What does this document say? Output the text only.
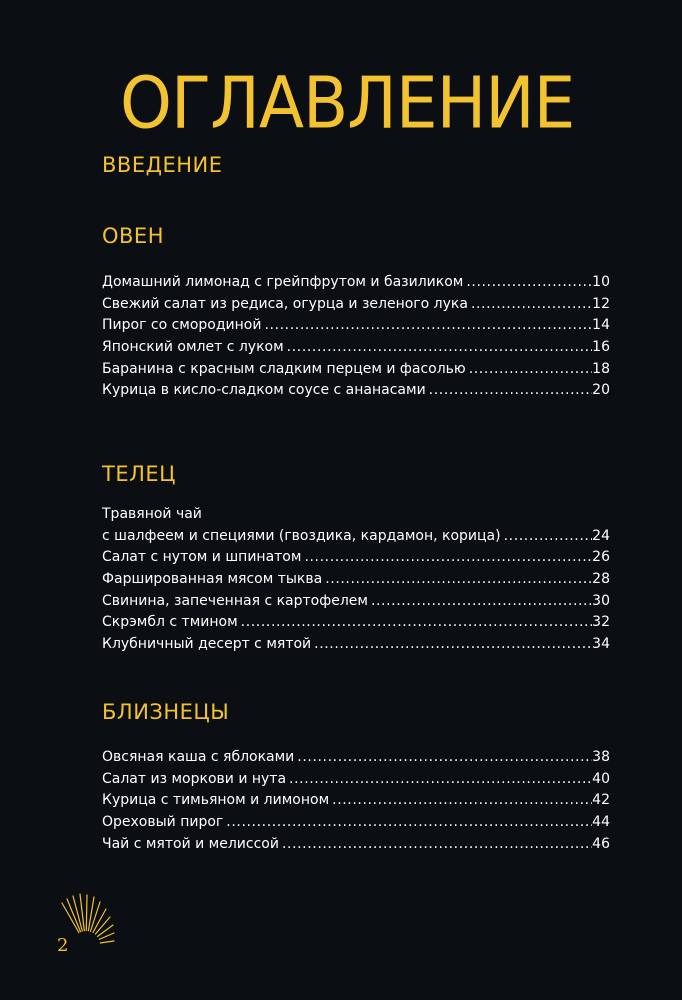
ОГЛАВЛЕНИЕ
ВВЕДЕНИЕ
ОВЕН
Домашний лимонад с грейпфрутом и базиликом .....	10
Свежий салат из редиса, огурца и зеленого лука .....	12
Пирог со смородиной .....	14
Японский омлет с луком .....	16
Баранина с красным сладким перцем и фасолью .....	18
Курица в кисло-сладком соусе с ананасами .....	20
ТЕЛЕЦ
Травяной чай
с шалфеем и специями (гвоздика, кардамон, корица) .....	24
Салат с нутом и шпинатом .....	26
Фаршированная мясом тыква .....	28
Свинина, запеченная с картофелем .....	30
Скрэмбл с тмином .....	32
Клубничный десерт с мятой .....	34
БЛИЗНЕЦЫ
Овсяная каша с яблоками .....	38
Салат из моркови и нута .....	40
Курица с тимьяном и лимоном .....	42
Ореховый пирог .....	44
Чай с мятой и мелиссой .....	46
2
